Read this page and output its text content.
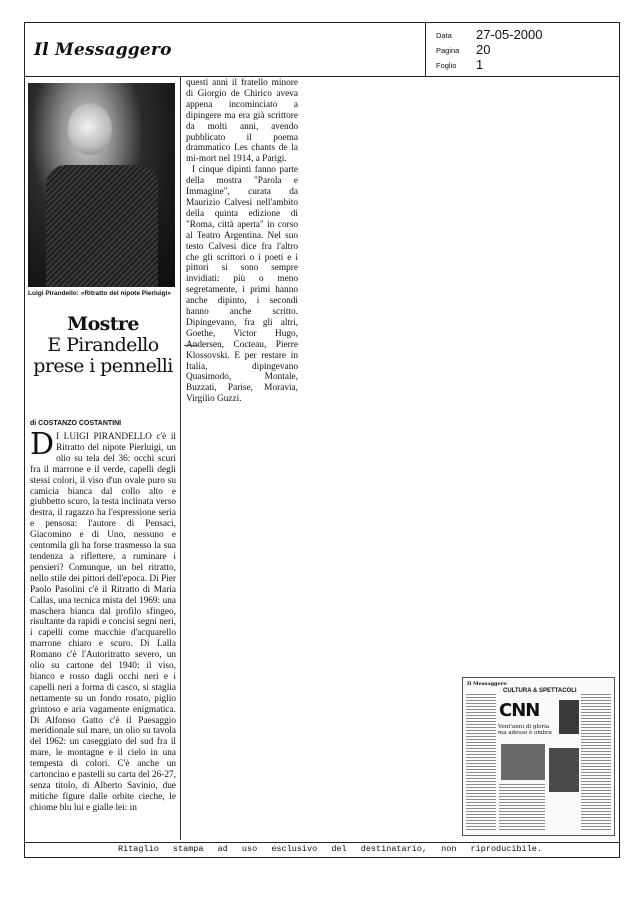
Il Messaggero
Data 27-05-2000
Pagina 20
Foglio 1
Luigi Pirandello: «Ritratto del nipote Pierluigi»
Mostre
E Pirandello prese i pennelli
di COSTANZO COSTANTINI
D I LUIGI PIRANDELLO c'è il Ritratto del nipote Pierluigi, un olio su tela del 36: occhi scuri fra il marrone e il verde, capelli degli stessi colori, il viso d'un ovale puro su camicia bianca dal collo alto e giubbetto scuro, la testa inclinata verso destra, il ragazzo ha l'espressione seria e pensosa: l'autore di Pensaci, Giacomino e di Uno, nessuno e centomila gli ha forse trasmesso la sua tendenza a riflettere, a ruminare i pensieri? Comunque, un bel ritratto, nello stile dei pittori dell'epoca. Di Pier Paolo Pasolini c'è il Ritratto di Maria Callas, una tecnica mista del 1969: una maschera bianca dal profilo sfingeo, risultante da rapidi e concisi segni neri, i capelli come macchie d'acquarello marrone chiaro e scuro. Di Lalla Romano c'è l'Autoritratto severo, un olio su cartone del 1940: il viso, bianco e rosso dagli occhi neri e i capelli neri a forma di casco, si staglia nettamente su un fondo rosato, piglio grintoso e aria vagamente enigmatica. Di Alfonso Gatto c'è il Paesaggio meridionale sul mare, un olio su tavola del 1962: un caseggiato del sud fra il mare, le montagne e il cielo in una tempesta di colori. C'è anche un cartoncino e pastelli su carta del 26-27, senza titolo, di Alberto Savinio, due mitiche figure dalle orbite cieche, le chiome blu lui e gialle lei: in

questi anni il fratello minore di Giorgio de Chirico aveva appena incominciato a dipingere ma era già scrittore da molti anni, avendo pubblicato il poema drammatico Les chants de la mi-mort nel 1914, a Parigi.

I cinque dipinti fanno parte della mostra "Parola e Immagine", curata da Maurizio Calvesi nell'ambito della quinta edizione di "Roma, città aperta" in corso al Teatro Argentina. Nel suo testo Calvesi dice fra l'altro che gli scrittori o i poeti e i pittori si sono sempre invidiati: più o meno segretamente, i primi hanno anche dipinto, i secondi hanno anche scritto. Dipingevano, fra gli altri, Goethe, Victor Hugo, Andersen, Cocteau, Pierre Klossovski. E per restare in Italia, dipingevano Quasimodo, Montale, Buzzati, Parise, Moravia, Virgilio Guzzi.

Il Messaggero
CULTURA & SPETTACOLI
CNN
Vent'anni di gloria ma adesso è ombra
Ritaglio stampa ad uso esclusivo del destinatario, non riproducibile.
